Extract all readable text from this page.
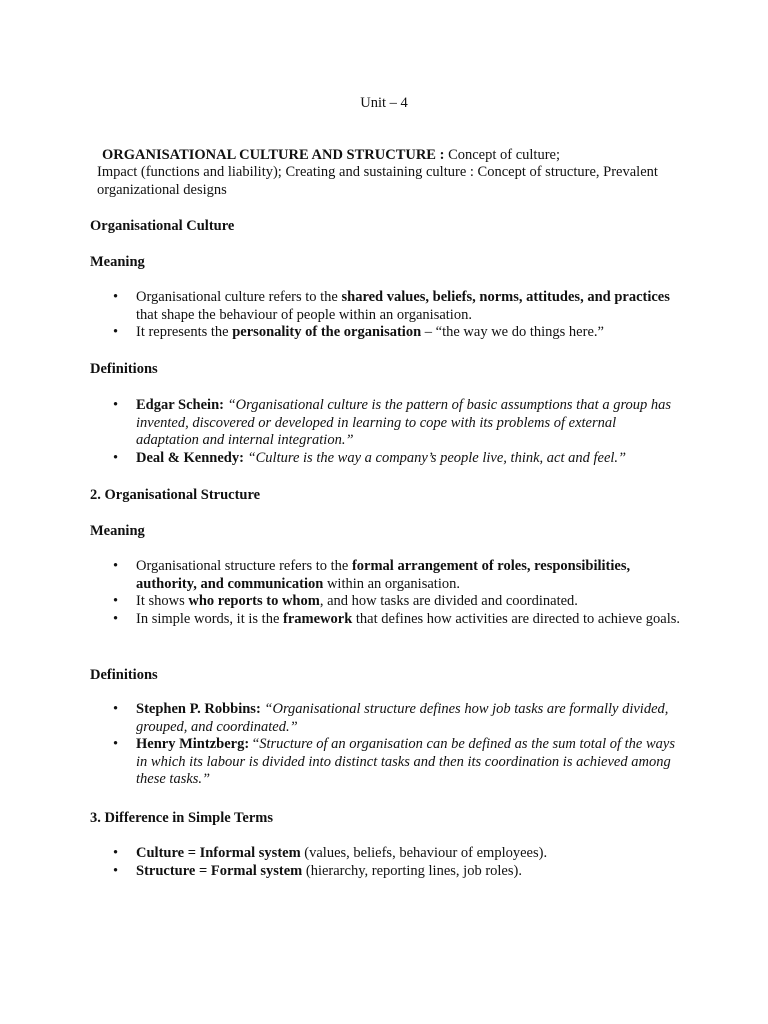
Unit – 4
ORGANISATIONAL CULTURE AND STRUCTURE : Concept of culture;
Impact (functions and liability); Creating and sustaining culture : Concept of structure, Prevalent
organizational designs
Organisational Culture
Meaning
• Organisational culture refers to the shared values, beliefs, norms, attitudes, and practices that shape the behaviour of people within an organisation.
• It represents the personality of the organisation – “the way we do things here.”
Definitions
• Edgar Schein: “Organisational culture is the pattern of basic assumptions that a group has invented, discovered or developed in learning to cope with its problems of external adaptation and internal integration.”
• Deal & Kennedy: “Culture is the way a company’s people live, think, act and feel.”
2. Organisational Structure
Meaning
• Organisational structure refers to the formal arrangement of roles, responsibilities, authority, and communication within an organisation.
• It shows who reports to whom, and how tasks are divided and coordinated.
• In simple words, it is the framework that defines how activities are directed to achieve goals.
Definitions
• Stephen P. Robbins: “Organisational structure defines how job tasks are formally divided, grouped, and coordinated.”
• Henry Mintzberg: “Structure of an organisation can be defined as the sum total of the ways in which its labour is divided into distinct tasks and then its coordination is achieved among these tasks.”
3. Difference in Simple Terms
• Culture = Informal system (values, beliefs, behaviour of employees).
• Structure = Formal system (hierarchy, reporting lines, job roles).
